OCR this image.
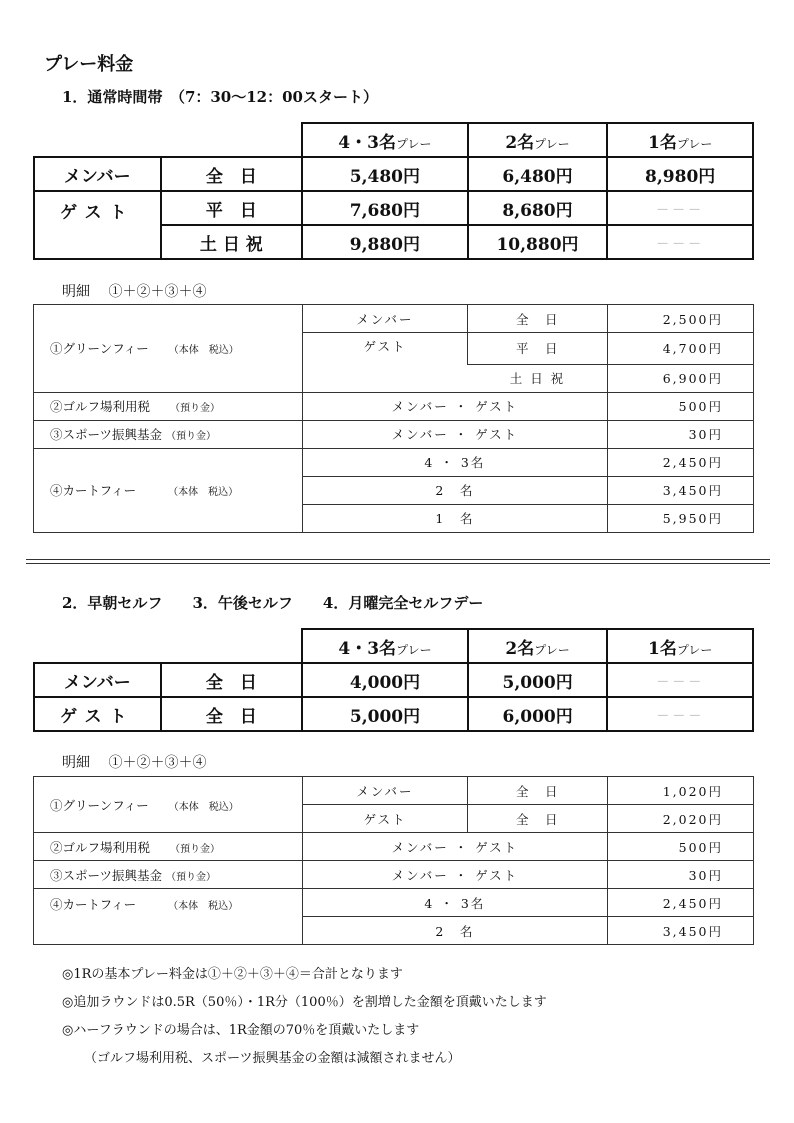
プレー料金
1．通常時間帯　（7：30～12：00スタート）
		4・3名プレー	2名プレー	1名プレー
メンバー	全　日	5,480円	6,480円	8,980円
ゲスト	平　日	7,680円	8,680円	－－－
	土 日 祝	9,880円	10,880円	－－－
明細　 ①＋②＋③＋④
①グリーンフィー （本体　税込）	メンバー	全　日	2,500円
	ゲスト	平　日	4,700円
		土 日 祝	6,900円
②ゴルフ場利用税 （預り金）	メンバー ・ ゲスト		500円
③スポーツ振興基金 （預り金）	メンバー ・ ゲスト		30円
④カートフィー （本体　税込）	4 ・ 3名		2,450円
	2　名		3,450円
	1　名		5,950円
2．早朝セルフ　　3．午後セルフ　　4．月曜完全セルフデー
		4・3名プレー	2名プレー	1名プレー
メンバー	全　日	4,000円	5,000円	－－－
ゲスト	全　日	5,000円	6,000円	－－－
明細　 ①＋②＋③＋④
①グリーンフィー （本体　税込）	メンバー	全　日	1,020円
	ゲスト	全　日	2,020円
②ゴルフ場利用税 （預り金）	メンバー ・ ゲスト		500円
③スポーツ振興基金 （預り金）	メンバー ・ ゲスト		30円
④カートフィー （本体　税込）	4 ・ 3名		2,450円
	2　名		3,450円
◎1Rの基本プレー料金は①＋②＋③＋④＝合計となります
◎追加ラウンドは0.5R（50％）・1R分（100％）を割増した金額を頂戴いたします
◎ハーフラウンドの場合は、1R金額の70％を頂戴いたします
（ゴルフ場利用税、スポーツ振興基金の金額は減額されません）
